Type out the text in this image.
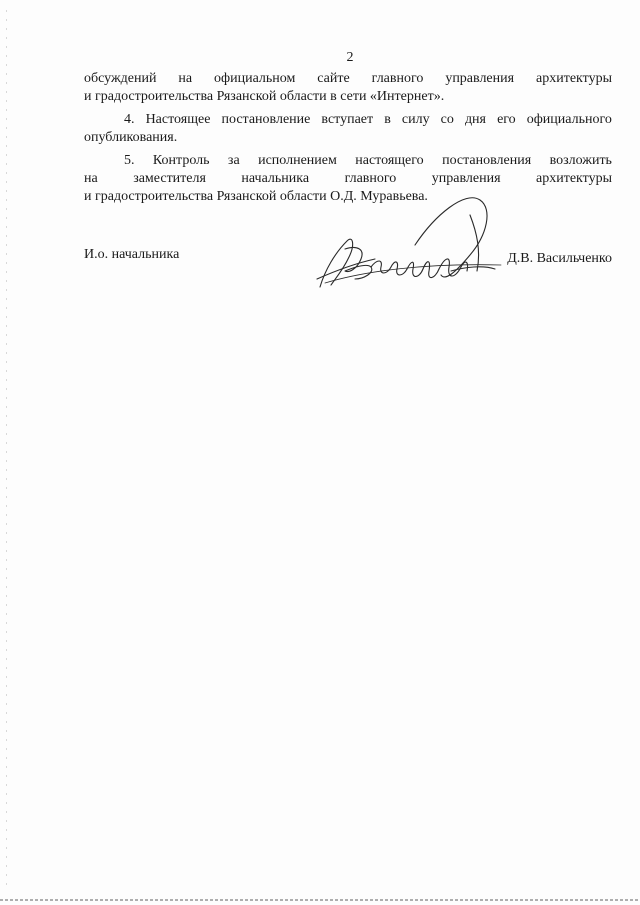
2
обсуждений на официальном сайте главного управления архитектуры
и градостроительства Рязанской области в сети «Интернет».
4. Настоящее постановление вступает в силу со дня его официального
опубликования.
5. Контроль за исполнением настоящего постановления возложить
на	заместителя	начальника	главного	управления	архитектуры
и градостроительства Рязанской области О.Д. Муравьева.
И.о. начальника	Д.В. Васильченко
